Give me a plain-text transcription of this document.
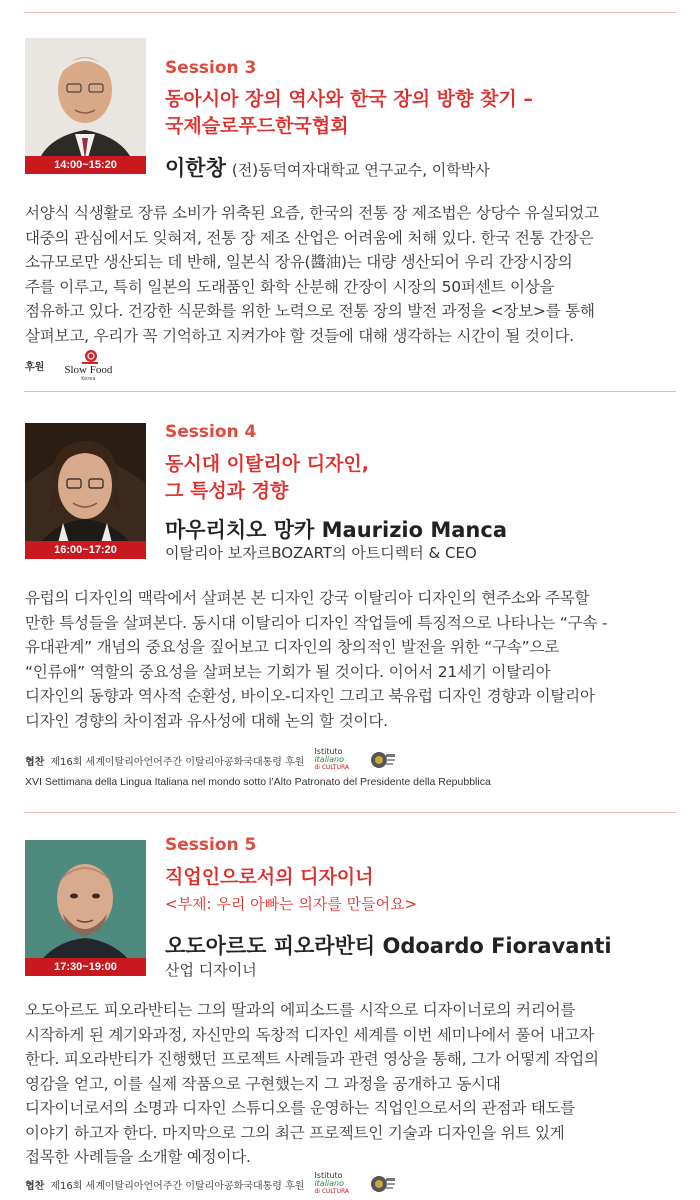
14:00~15:20
Session 3
동아시아 장의 역사와 한국 장의 방향 찾기 –
국제슬로푸드한국협회
이한창 (전)동덕여자대학교 연구교수, 이학박사

서양식 식생활로 장류 소비가 위축된 요즘, 한국의 전통 장 제조법은 상당수 유실되었고

대중의 관심에서도 잊혀져, 전통 장 제조 산업은 어려움에 처해 있다. 한국 전통 간장은

소규모로만 생산되는 데 반해, 일본식 장유(醬油)는 대량 생산되어 우리 간장시장의

주를 이루고, 특히 일본의 도래품인 화학 산분해 간장이 시장의 50퍼센트 이상을

점유하고 있다. 건강한 식문화를 위한 노력으로 전통 장의 발전 과정을 <장보>를 통해

살펴보고, 우리가 꼭 기억하고 지켜가야 할 것들에 대해 생각하는 시간이 될 것이다.

후원 Slow Food
Korea
16:00~17:20
Session 4
동시대 이탈리아 디자인,
그 특성과 경향
마우리치오 망카 Maurizio Manca
이탈리아 보자르BOZART의 아트디렉터 & CEO

유럽의 디자인의 맥락에서 살펴본 본 디자인 강국 이탈리아 디자인의 현주소와 주목할

만한 특성들을 살펴본다. 동시대 이탈리아 디자인 작업들에 특징적으로 나타나는 “구속 -

유대관계” 개념의 중요성을 짚어보고 디자인의 창의적인 발전을 위한 “구속”으로

“인류애” 역할의 중요성을 살펴보는 기회가 될 것이다. 이어서 21세기 이탈리아

디자인의 동향과 역사적 순환성, 바이오-디자인 그리고 북유럽 디자인 경향과 이탈리아

디자인 경향의 차이점과 유사성에 대해 논의 할 것이다.

협찬 제16회 세계이탈리아언어주간 이탈리아공화국대통령 후원
Istituto
italiano
di CULTURA
XVI Settimana della Lingua Italiana nel mondo sotto l’Alto Patronato del Presidente della Repubblica
17:30~19:00
Session 5
직업인으로서의 디자이너
<부제: 우리 아빠는 의자를 만들어요>
오도아르도 피오라반티 Odoardo Fioravanti
산업 디자이너

오도아르도 피오라반티는 그의 딸과의 에피소드를 시작으로 디자이너로의 커리어를

시작하게 된 계기와과정, 자신만의 독창적 디자인 세계를 이번 세미나에서 풀어 내고자

한다. 피오라반티가 진행했던 프로젝트 사례들과 관련 영상을 통해, 그가 어떻게 작업의

영감을 얻고, 이를 실제 작품으로 구현했는지 그 과정을 공개하고 동시대

디자이너로서의 소명과 디자인 스튜디오를 운영하는 직업인으로서의 관점과 태도를

이야기 하고자 한다. 마지막으로 그의 최근 프로젝트인 기술과 디자인을 위트 있게

접목한 사례들을 소개할 예정이다.

협찬 제16회 세계이탈리아언어주간 이탈리아공화국대통령 후원
Istituto
italiano
di CULTURA
